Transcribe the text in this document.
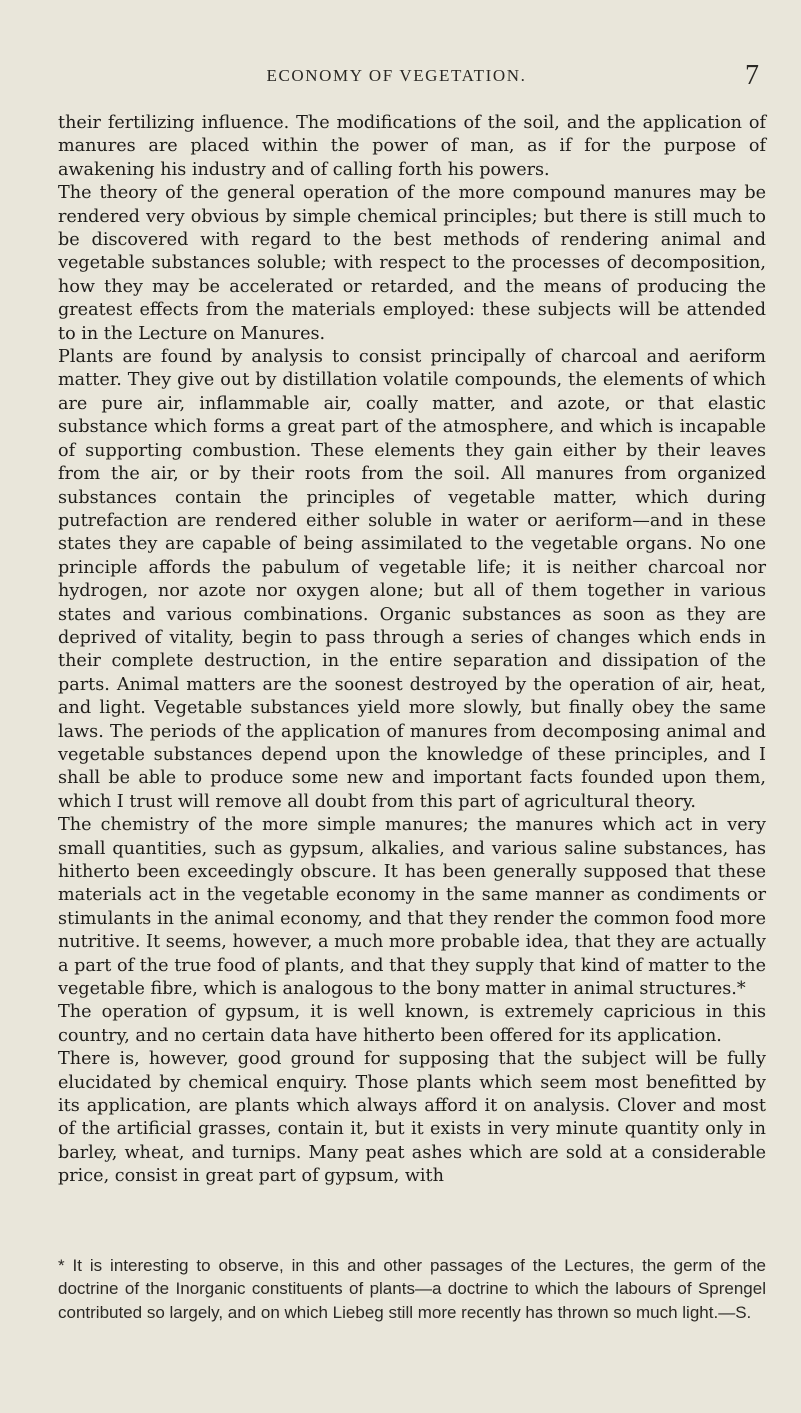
ECONOMY OF VEGETATION.	7

their fertilizing influence. The modifications of the soil, and the application of manures are placed within the power of man, as if for the purpose of awakening his industry and of calling forth his powers.

The theory of the general operation of the more compound manures may be rendered very obvious by simple chemical principles; but there is still much to be discovered with regard to the best methods of rendering animal and vegetable substances soluble; with respect to the processes of decomposition, how they may be accelerated or retarded, and the means of producing the greatest effects from the materials employed: these subjects will be attended to in the Lecture on Manures.

Plants are found by analysis to consist principally of charcoal and aeriform matter. They give out by distillation volatile compounds, the elements of which are pure air, inflammable air, coally matter, and azote, or that elastic substance which forms a great part of the atmosphere, and which is incapable of supporting combustion. These elements they gain either by their leaves from the air, or by their roots from the soil. All manures from organized substances contain the principles of vegetable matter, which during putrefaction are rendered either soluble in water or aeriform—and in these states they are capable of being assimilated to the vegetable organs. No one principle affords the pabulum of vegetable life; it is neither charcoal nor hydrogen, nor azote nor oxygen alone; but all of them together in various states and various combinations. Organic substances as soon as they are deprived of vitality, begin to pass through a series of changes which ends in their complete destruction, in the entire separation and dissipation of the parts. Animal matters are the soonest destroyed by the operation of air, heat, and light. Vegetable substances yield more slowly, but finally obey the same laws. The periods of the application of manures from decomposing animal and vegetable substances depend upon the knowledge of these principles, and I shall be able to produce some new and important facts founded upon them, which I trust will remove all doubt from this part of agricultural theory.

The chemistry of the more simple manures; the manures which act in very small quantities, such as gypsum, alkalies, and various saline substances, has hitherto been exceedingly obscure. It has been generally supposed that these materials act in the vegetable economy in the same manner as condiments or stimulants in the animal economy, and that they render the common food more nutritive. It seems, however, a much more probable idea, that they are actually a part of the true food of plants, and that they supply that kind of matter to the vegetable fibre, which is analogous to the bony matter in animal structures.*

The operation of gypsum, it is well known, is extremely capricious in this country, and no certain data have hitherto been offered for its application.

There is, however, good ground for supposing that the subject will be fully elucidated by chemical enquiry. Those plants which seem most benefitted by its application, are plants which always afford it on analysis. Clover and most of the artificial grasses, contain it, but it exists in very minute quantity only in barley, wheat, and turnips. Many peat ashes which are sold at a considerable price, consist in great part of gypsum, with

* It is interesting to observe, in this and other passages of the Lectures, the germ of the doctrine of the Inorganic constituents of plants—a doctrine to which the labours of Sprengel contributed so largely, and on which Liebeg still more recently has thrown so much light.—S.
